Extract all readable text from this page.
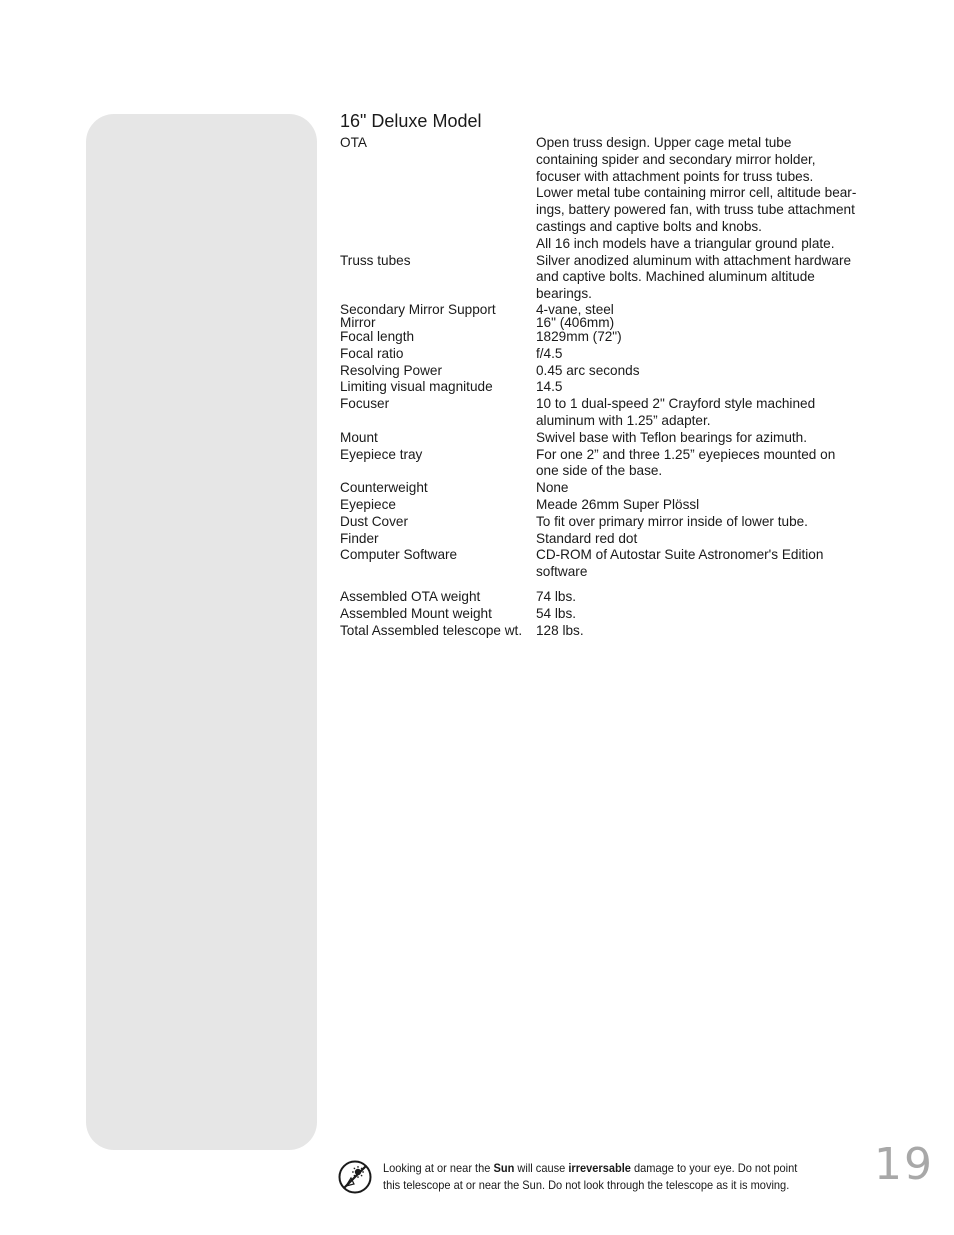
16" Deluxe Model
OTA	Open truss design. Upper cage metal tube

containing spider and secondary mirror holder,

focuser with attachment points for truss tubes.

Lower metal tube containing mirror cell, altitude bear-

ings, battery powered fan, with truss tube attachment

castings and captive bolts and knobs.

All 16 inch models have a triangular ground plate.

Truss tubes	Silver anodized aluminum with attachment hardware

and captive bolts. Machined aluminum altitude

bearings.

Secondary Mirror Support	4-vane, steel

Mirror	16" (406mm)

Focal length	1829mm (72")

Focal ratio	f/4.5

Resolving Power	0.45 arc seconds

Limiting visual magnitude	14.5

Focuser	10 to 1 dual-speed 2" Crayford style machined

aluminum with 1.25” adapter.

Mount	Swivel base with Teflon bearings for azimuth.

Eyepiece tray	For one 2” and three 1.25” eyepieces mounted on

one side of the base.

Counterweight	None

Eyepiece	Meade 26mm Super Plössl

Dust Cover	To fit over primary mirror inside of lower tube.

Finder	Standard red dot

Computer Software	CD-ROM of Autostar Suite Astronomer's Edition

software

Assembled OTA weight	74 lbs.

Assembled Mount weight	54 lbs.

Total Assembled telescope wt.	128 lbs.

Looking at or near the Sun will cause irreversable damage to your eye. Do not point
this telescope at or near the Sun. Do not look through the telescope as it is moving. 19
